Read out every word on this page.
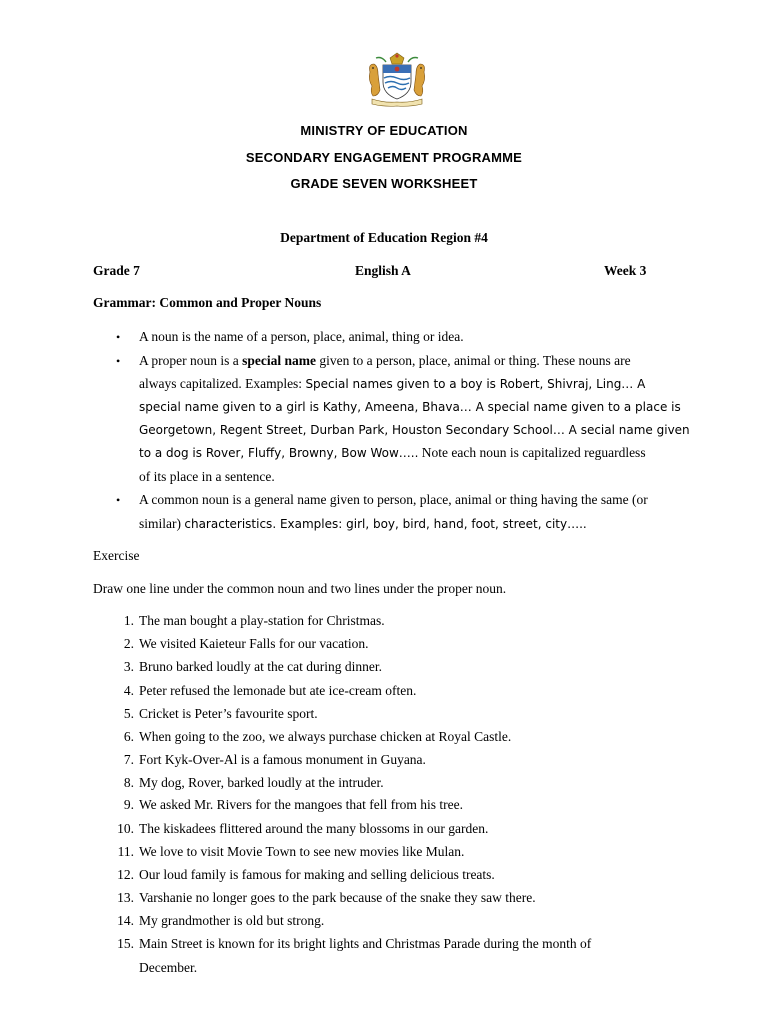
MINISTRY OF EDUCATION
SECONDARY ENGAGEMENT PROGRAMME
GRADE SEVEN WORKSHEET
Department of Education Region #4
Grade 7	English A	Week 3
Grammar: Common and Proper Nouns
• A noun is the name of a person, place, animal, thing or idea.
• A proper noun is a special name given to a person, place, animal or thing. These nouns are
always capitalized. Examples: Special names given to a boy is Robert, Shivraj, Ling… A
special name given to a girl is Kathy, Ameena, Bhava… A special name given to a place is
Georgetown, Regent Street, Durban Park, Houston Secondary School… A secial name given
to a dog is Rover, Fluffy, Browny, Bow Wow….. Note each noun is capitalized reguardless
of its place in a sentence.
• A common noun is a general name given to person, place, animal or thing having the same (or
similar) characteristics. Examples: girl, boy, bird, hand, foot, street, city…..
Exercise
Draw one line under the common noun and two lines under the proper noun.
1. The man bought a play-station for Christmas.
2. We visited Kaieteur Falls for our vacation.
3. Bruno barked loudly at the cat during dinner.
4. Peter refused the lemonade but ate ice-cream often.
5. Cricket is Peter’s favourite sport.
6. When going to the zoo, we always purchase chicken at Royal Castle.
7. Fort Kyk-Over-Al is a famous monument in Guyana.
8. My dog, Rover, barked loudly at the intruder.
9. We asked Mr. Rivers for the mangoes that fell from his tree.
10. The kiskadees flittered around the many blossoms in our garden.
11. We love to visit Movie Town to see new movies like Mulan.
12. Our loud family is famous for making and selling delicious treats.
13. Varshanie no longer goes to the park because of the snake they saw there.
14. My grandmother is old but strong.
15. Main Street is known for its bright lights and Christmas Parade during the month of
December.
